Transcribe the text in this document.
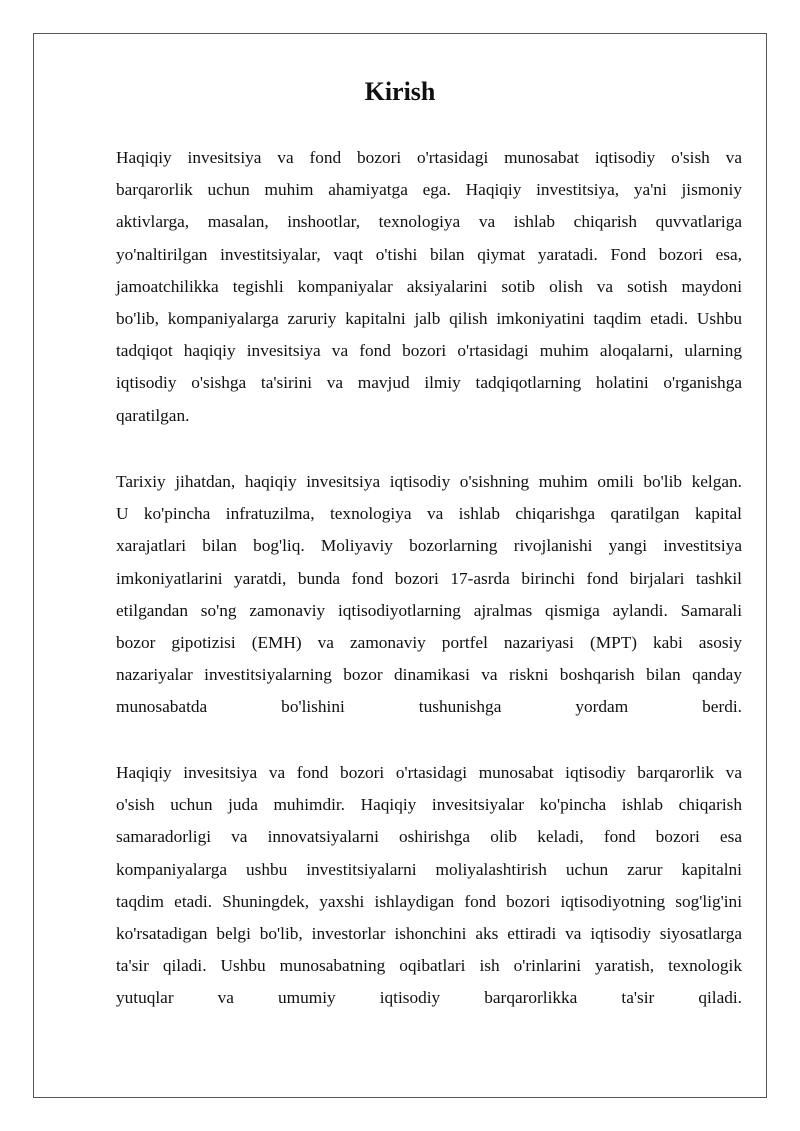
Kirish
Haqiqiy invesitsiya va fond bozori o'rtasidagi munosabat iqtisodiy o'sish va
barqarorlik uchun muhim ahamiyatga ega. Haqiqiy investitsiya, ya'ni jismoniy
aktivlarga, masalan, inshootlar, texnologiya va ishlab chiqarish quvvatlariga
yo'naltirilgan investitsiyalar, vaqt o'tishi bilan qiymat yaratadi. Fond bozori esa,
jamoatchilikka tegishli kompaniyalar aksiyalarini sotib olish va sotish maydoni
bo'lib, kompaniyalarga zaruriy kapitalni jalb qilish imkoniyatini taqdim etadi. Ushbu
tadqiqot haqiqiy invesitsiya va fond bozori o'rtasidagi muhim aloqalarni, ularning
iqtisodiy o'sishga ta'sirini va mavjud ilmiy tadqiqotlarning holatini o'rganishga
qaratilgan.
Tarixiy jihatdan, haqiqiy invesitsiya iqtisodiy o'sishning muhim omili bo'lib kelgan.
U ko'pincha infratuzilma, texnologiya va ishlab chiqarishga qaratilgan kapital
xarajatlari bilan bog'liq. Moliyaviy bozorlarning rivojlanishi yangi investitsiya
imkoniyatlarini yaratdi, bunda fond bozori 17-asrda birinchi fond birjalari tashkil
etilgandan so'ng zamonaviy iqtisodiyotlarning ajralmas qismiga aylandi. Samarali
bozor gipotizisi (EMH) va zamonaviy portfel nazariyasi (MPT) kabi asosiy
nazariyalar investitsiyalarning bozor dinamikasi va riskni boshqarish bilan qanday
munosabatda bo'lishini tushunishga yordam berdi.
Haqiqiy invesitsiya va fond bozori o'rtasidagi munosabat iqtisodiy barqarorlik va
o'sish uchun juda muhimdir. Haqiqiy invesitsiyalar ko'pincha ishlab chiqarish
samaradorligi va innovatsiyalarni oshirishga olib keladi, fond bozori esa
kompaniyalarga ushbu investitsiyalarni moliyalashtirish uchun zarur kapitalni
taqdim etadi. Shuningdek, yaxshi ishlaydigan fond bozori iqtisodiyotning sog'lig'ini
ko'rsatadigan belgi bo'lib, investorlar ishonchini aks ettiradi va iqtisodiy siyosatlarga
ta'sir qiladi. Ushbu munosabatning oqibatlari ish o'rinlarini yaratish, texnologik
yutuqlar va umumiy iqtisodiy barqarorlikka ta'sir qiladi.
